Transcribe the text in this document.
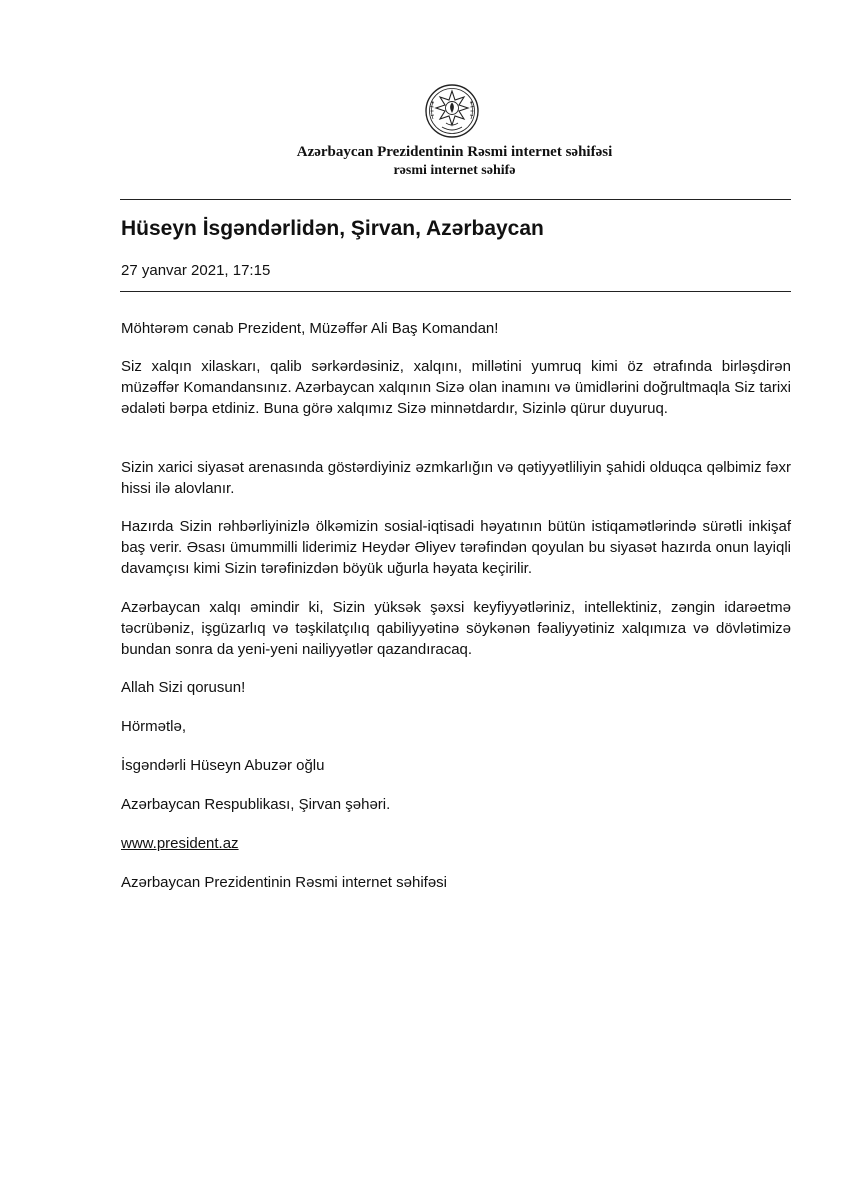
Azərbaycan Prezidentinin Rəsmi internet səhifəsi
rəsmi internet səhifə
Hüseyn İsgəndərlidən, Şirvan, Azərbaycan
27 yanvar 2021, 17:15

Möhtərəm cənab Prezident, Müzəffər Ali Baş Komandan!

Siz xalqın xilaskarı, qalib sərkərdəsiniz, xalqını, millətini yumruq kimi öz ətrafında birləşdirən müzəffər Komandansınız. Azərbaycan xalqının Sizə olan inamını və ümidlərini doğrultmaqla Siz tarixi ədaləti bərpa etdiniz. Buna görə xalqımız Sizə minnətdardır, Sizinlə qürur duyuruq.

Sizin xarici siyasət arenasında göstərdiyiniz əzmkarlığın və qətiyyətliliyin şahidi olduqca qəlbimiz fəxr hissi ilə alovlanır.

Hazırda Sizin rəhbərliyinizlə ölkəmizin sosial-iqtisadi həyatının bütün istiqamətlərində sürətli inkişaf baş verir. Əsası ümummilli liderimiz Heydər Əliyev tərəfindən qoyulan bu siyasət hazırda onun layiqli davamçısı kimi Sizin tərəfinizdən böyük uğurla həyata keçirilir.

Azərbaycan xalqı əmindir ki, Sizin yüksək şəxsi keyfiyyətləriniz, intellektiniz, zəngin idarəetmə təcrübəniz, işgüzarlıq və təşkilatçılıq qabiliyyətinə söykənən fəaliyyətiniz xalqımıza və dövlətimizə bundan sonra da yeni-yeni nailiyyətlər qazandıracaq.

Allah Sizi qorusun!

Hörmətlə,

İsgəndərli Hüseyn Abuzər oğlu

Azərbaycan Respublikası, Şirvan şəhəri.

www.president.az

Azərbaycan Prezidentinin Rəsmi internet səhifəsi
